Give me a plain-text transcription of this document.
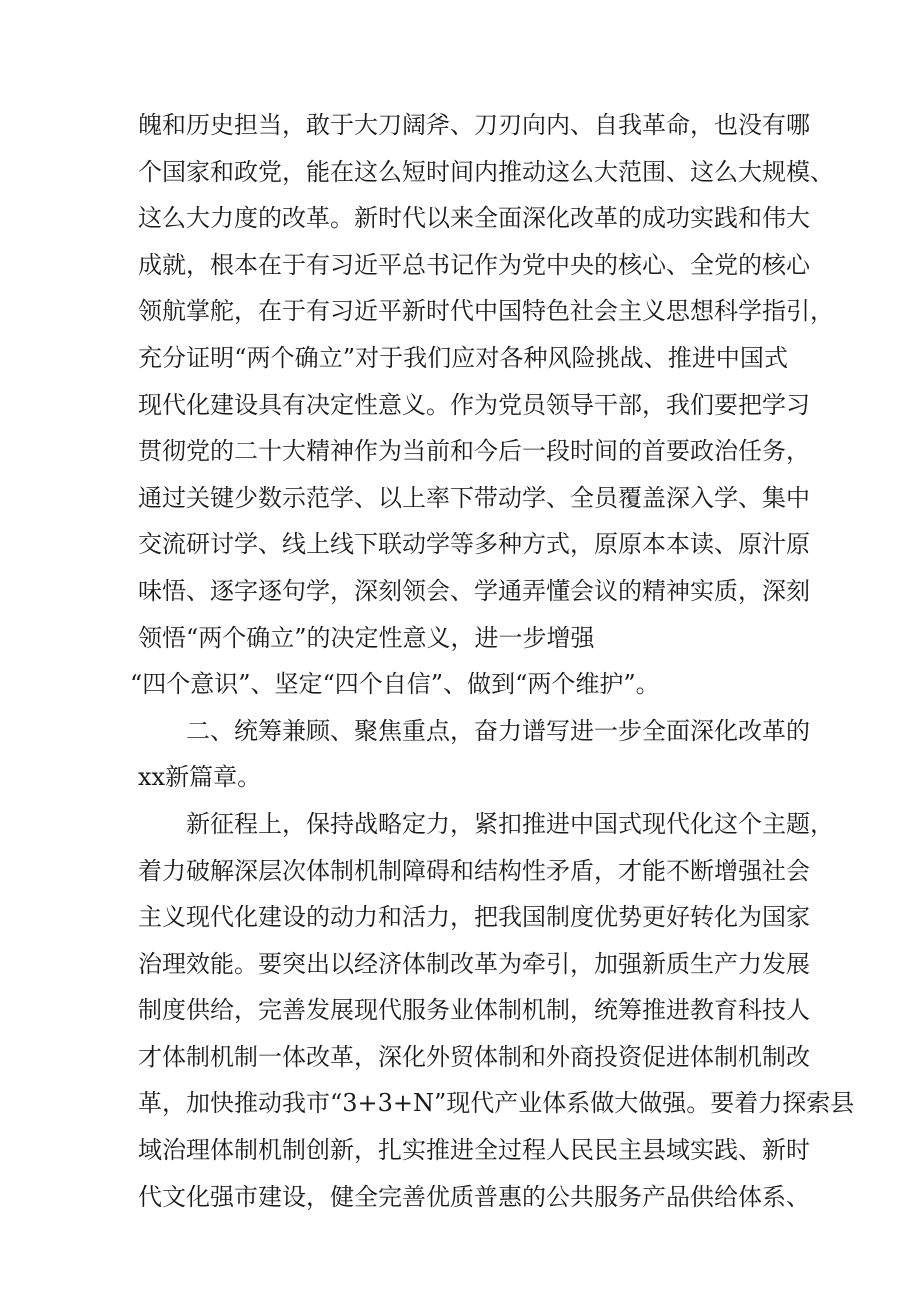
魄和历史担当，敢于大刀阔斧、刀刃向内、自我革命，也没有哪
个国家和政党，能在这么短时间内推动这么大范围、这么大规模、
这么大力度的改革。新时代以来全面深化改革的成功实践和伟大
成就，根本在于有习近平总书记作为党中央的核心、全党的核心
领航掌舵，在于有习近平新时代中国特色社会主义思想科学指引，
充分证明“两个确立”对于我们应对各种风险挑战、推进中国式
现代化建设具有决定性意义。作为党员领导干部，我们要把学习
贯彻党的二十大精神作为当前和今后一段时间的首要政治任务，
通过关键少数示范学、以上率下带动学、全员覆盖深入学、集中
交流研讨学、线上线下联动学等多种方式，原原本本读、原汁原
味悟、逐字逐句学，深刻领会、学通弄懂会议的精神实质，深刻
领悟“两个确立”的决定性意义，进一步增强
“四个意识”、坚定“四个自信”、做到“两个维护”。
二、统筹兼顾、聚焦重点，奋力谱写进一步全面深化改革的
xx新篇章。
新征程上，保持战略定力，紧扣推进中国式现代化这个主题，
着力破解深层次体制机制障碍和结构性矛盾，才能不断增强社会
主义现代化建设的动力和活力，把我国制度优势更好转化为国家
治理效能。要突出以经济体制改革为牵引，加强新质生产力发展
制度供给，完善发展现代服务业体制机制，统筹推进教育科技人
才体制机制一体改革，深化外贸体制和外商投资促进体制机制改
革，加快推动我市“3+3+N”现代产业体系做大做强。要着力探索县
域治理体制机制创新，扎实推进全过程人民民主县域实践、新时
代文化强市建设，健全完善优质普惠的公共服务产品供给体系、
